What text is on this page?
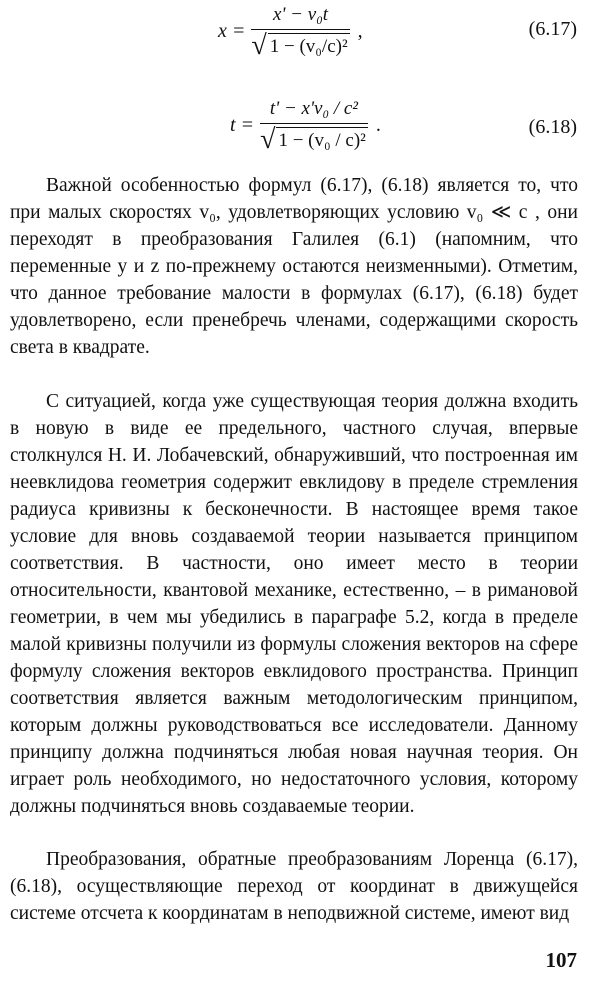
$x = \frac{\text{x' − v₀t}}{\text{√ 1 − (v₀/c)²}}$ ,	(6.17)
$t = \frac{\text{t' − x'v₀ / c²}}{\text{√ 1 − (v₀ / c)²}}$ .	(6.18)

Важной особенностью формул (6.17), (6.18) является то, что при малых скоростях v₀, удовлетворяющих условию v₀ ≪ c , они переходят в преобразования Галилея (6.1) (напомним, что переменные y и z по-прежнему остаются неизменными). Отметим, что данное требование малости в формулах (6.17), (6.18) будет удовлетворено, если пренебречь членами, содержащими скорость света в квадрате.

С ситуацией, когда уже существующая теория должна входить в новую в виде ее предельного, частного случая, впервые столкнулся Н. И. Лобачевский, обнаруживший, что построенная им неевклидова геометрия содержит евклидову в пределе стремления радиуса кривизны к бесконечности. В настоящее время такое условие для вновь создаваемой теории называется принципом соответствия. В частности, оно имеет место в теории относительности, квантовой механике, естественно, – в римановой геометрии, в чем мы убедились в параграфе 5.2, когда в пределе малой кривизны получили из формулы сложения векторов на сфере формулу сложения векторов евклидового пространства. Принцип соответствия является важным методологическим принципом, которым должны руководствоваться все исследователи. Данному принципу должна подчиняться любая новая научная теория. Он играет роль необходимого, но недостаточного условия, которому должны подчиняться вновь создаваемые теории.

Преобразования, обратные преобразованиям Лоренца (6.17), (6.18), осуществляющие переход от координат в движущейся системе отсчета к координатам в неподвижной системе, имеют вид

107
